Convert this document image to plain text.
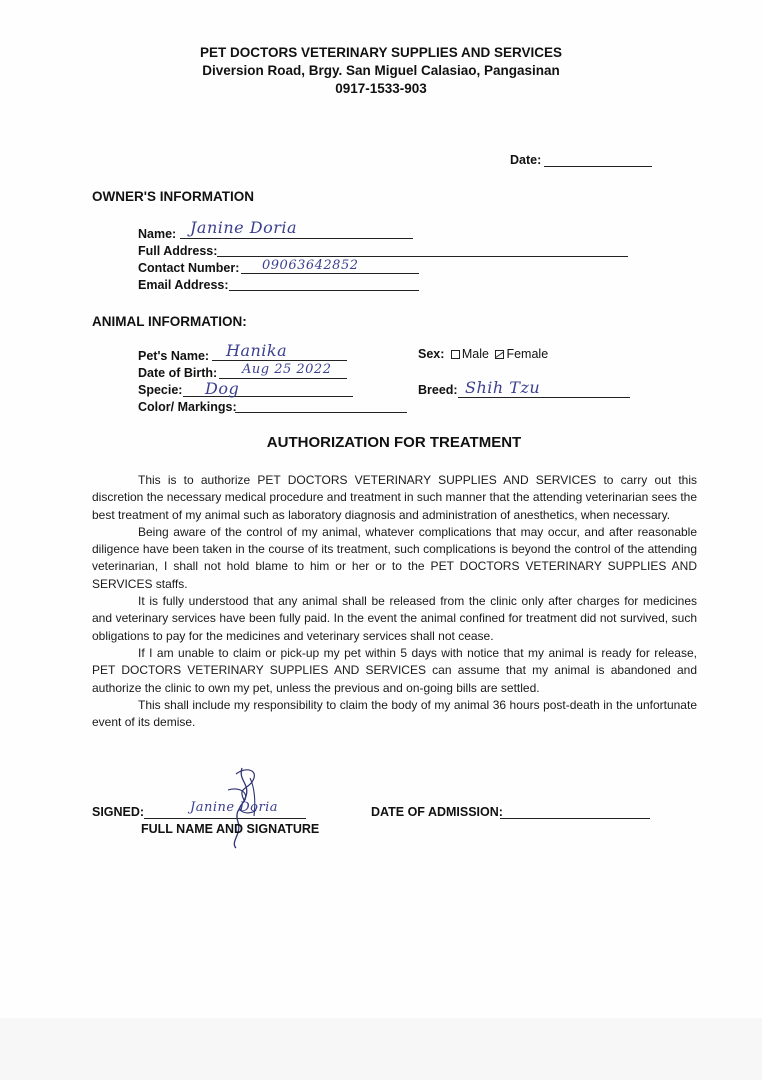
PET DOCTORS VETERINARY SUPPLIES AND SERVICES
Diversion Road, Brgy. San Miguel Calasiao, Pangasinan
0917-1533-903
Date:
OWNER'S INFORMATION
Name: Janine Doria
Full Address:
Contact Number: 09063642852
Email Address:
ANIMAL INFORMATION:
Pet's Name: Hanika
Date of Birth: Aug 25 2022
Specie: Dog
Color/ Markings:
Sex: Male Female
Breed: Shih Tzu
AUTHORIZATION FOR TREATMENT

This is to authorize PET DOCTORS VETERINARY SUPPLIES AND SERVICES to carry out this discretion the necessary medical procedure and treatment in such manner that the attending veterinarian sees the best treatment of my animal such as laboratory diagnosis and administration of anesthetics, when necessary.

Being aware of the control of my animal, whatever complications that may occur, and after reasonable diligence have been taken in the course of its treatment, such complications is beyond the control of the attending veterinarian, I shall not hold blame to him or her or to the PET DOCTORS VETERINARY SUPPLIES AND SERVICES staffs.

It is fully understood that any animal shall be released from the clinic only after charges for medicines and veterinary services have been fully paid. In the event the animal confined for treatment did not survived, such obligations to pay for the medicines and veterinary services shall not cease.

If I am unable to claim or pick-up my pet within 5 days with notice that my animal is ready for release, PET DOCTORS VETERINARY SUPPLIES AND SERVICES can assume that my animal is abandoned and authorize the clinic to own my pet, unless the previous and on-going bills are settled.

This shall include my responsibility to claim the body of my animal 36 hours post-death in the unfortunate event of its demise.

SIGNED:	Janine Doria
FULL NAME AND SIGNATURE
DATE OF ADMISSION:
